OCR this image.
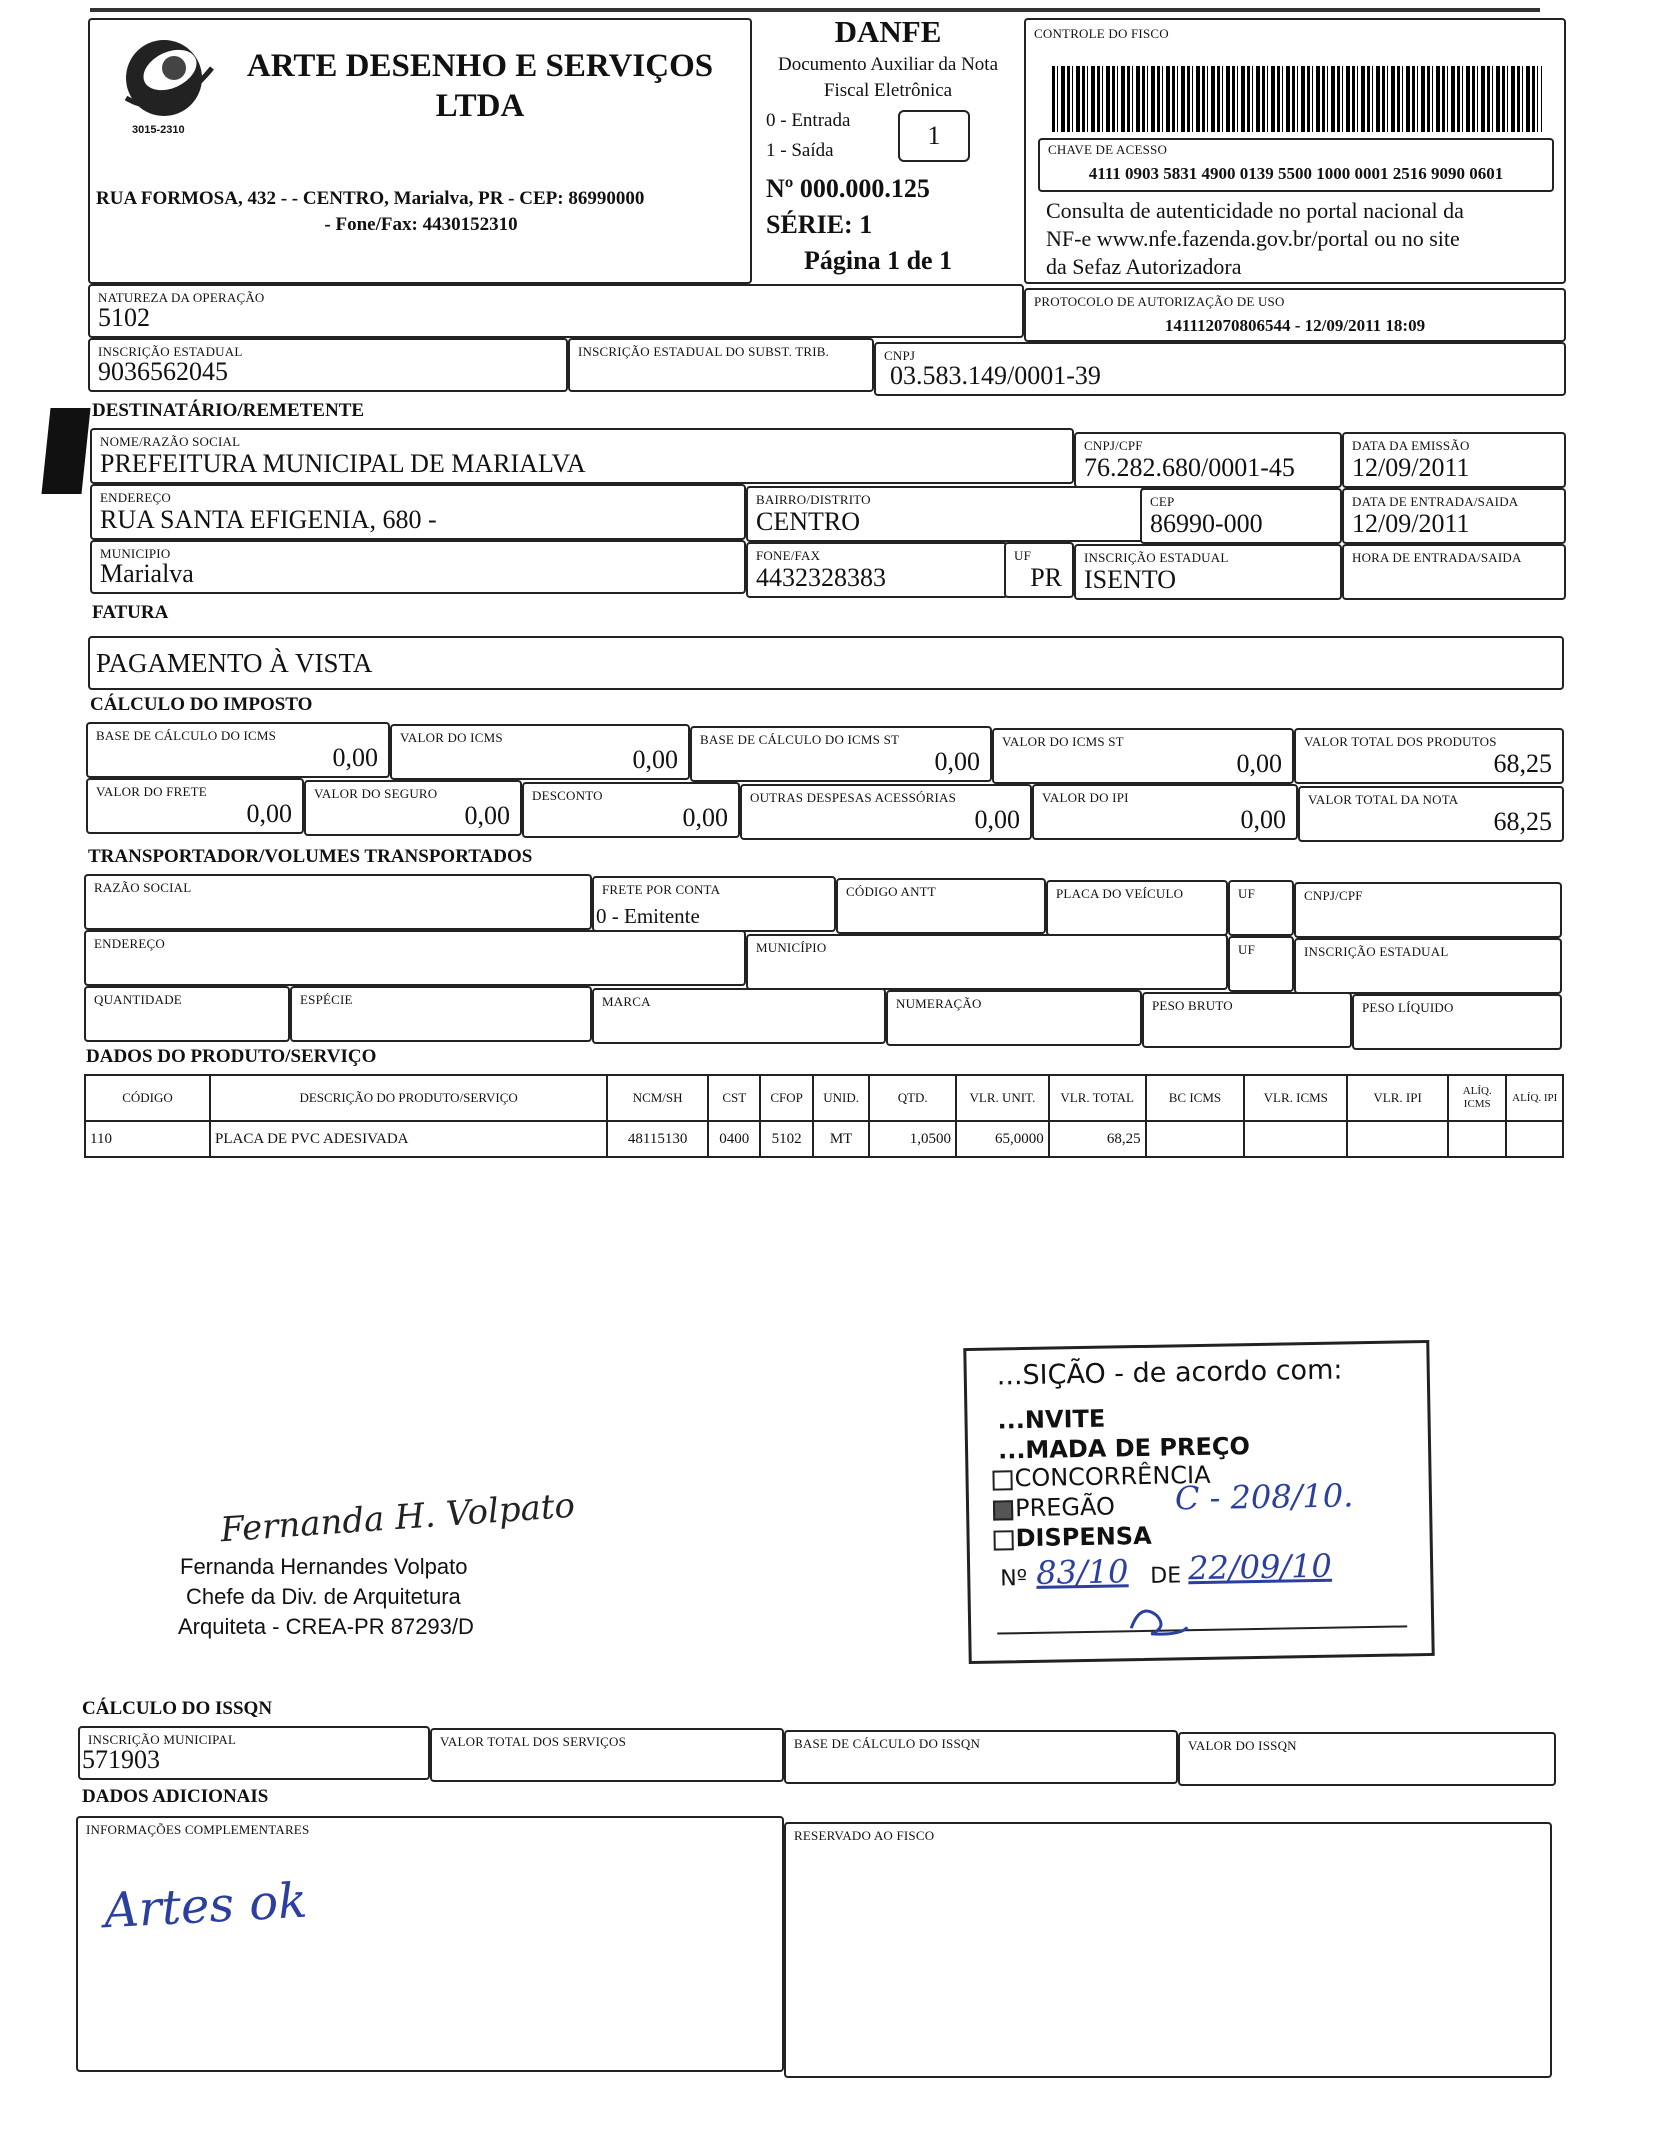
3015-2310
ARTE DESENHO E SERVIÇOS
LTDA
RUA FORMOSA, 432 - - CENTRO, Marialva, PR - CEP: 86990000
- Fone/Fax: 4430152310
DANFE
Documento Auxiliar da Nota
Fiscal Eletrônica
0 - Entrada
1 - Saída
1
Nº 000.000.125
SÉRIE: 1
Página 1 de 1
CONTROLE DO FISCO
CHAVE DE ACESSO
4111 0903 5831 4900 0139 5500 1000 0001 2516 9090 0601
Consulta de autenticidade no portal nacional da
NF-e www.nfe.fazenda.gov.br/portal ou no site
da Sefaz Autorizadora
NATUREZA DA OPERAÇÃO
5102
PROTOCOLO DE AUTORIZAÇÃO DE USO
141112070806544 - 12/09/2011 18:09
INSCRIÇÃO ESTADUAL
9036562045
INSCRIÇÃO ESTADUAL DO SUBST. TRIB.	CNPJ
03.583.149/0001-39
DESTINATÁRIO/REMETENTE
NOME/RAZÃO SOCIAL
PREFEITURA MUNICIPAL DE MARIALVA
CNPJ/CPF
76.282.680/0001-45
DATA DA EMISSÃO
12/09/2011
ENDEREÇO
RUA SANTA EFIGENIA, 680 -
BAIRRO/DISTRITO
CENTRO
CEP
86990-000
DATA DE ENTRADA/SAIDA
12/09/2011
MUNICIPIO
Marialva
FONE/FAX
4432328383
UF
PR
INSCRIÇÃO ESTADUAL
ISENTO
HORA DE ENTRADA/SAIDA
FATURA
PAGAMENTO À VISTA
CÁLCULO DO IMPOSTO
BASE DE CÁLCULO DO ICMS
0,00
VALOR DO ICMS
0,00
BASE DE CÁLCULO DO ICMS ST
0,00
VALOR DO ICMS ST
0,00
VALOR TOTAL DOS PRODUTOS
68,25
VALOR DO FRETE
0,00
VALOR DO SEGURO
0,00
DESCONTO
0,00
OUTRAS DESPESAS ACESSÓRIAS
0,00
VALOR DO IPI
0,00
VALOR TOTAL DA NOTA
68,25
TRANSPORTADOR/VOLUMES TRANSPORTADOS
RAZÃO SOCIAL	FRETE POR CONTA
0 - Emitente
CÓDIGO ANTT	PLACA DO VEÍCULO	UF	CNPJ/CPF
ENDEREÇO	MUNICÍPIO	UF	INSCRIÇÃO ESTADUAL
QUANTIDADE	ESPÉCIE	MARCA	NUMERAÇÃO	PESO BRUTO	PESO LÍQUIDO
DADOS DO PRODUTO/SERVIÇO
CÓDIGO	DESCRIÇÃO DO PRODUTO/SERVIÇO	NCM/SH	CST	CFOP	UNID.	QTD.	VLR. UNIT.	VLR. TOTAL	BC ICMS	VLR. ICMS	VLR. IPI	ALÍQ. ICMS	ALÍQ. IPI
110	PLACA DE PVC ADESIVADA	48115130	0400	5102	MT	1,0500	65,0000	68,25					
Fernanda H. Volpato
Fernanda Hernandes Volpato
Chefe da Div. de Arquitetura
Arquiteta - CREA-PR 87293/D
...SIÇÃO - de acordo com:
...NVITE
...MADA DE PREÇO
CONCORRÊNCIA
PREGÃO C - 208/10.
DISPENSA
Nº 83/10 DE 22/09/10
CÁLCULO DO ISSQN
INSCRIÇÃO MUNICIPAL
571903
VALOR TOTAL DOS SERVIÇOS	BASE DE CÁLCULO DO ISSQN	VALOR DO ISSQN
DADOS ADICIONAIS
INFORMAÇÕES COMPLEMENTARES
Artes ok
RESERVADO AO FISCO
